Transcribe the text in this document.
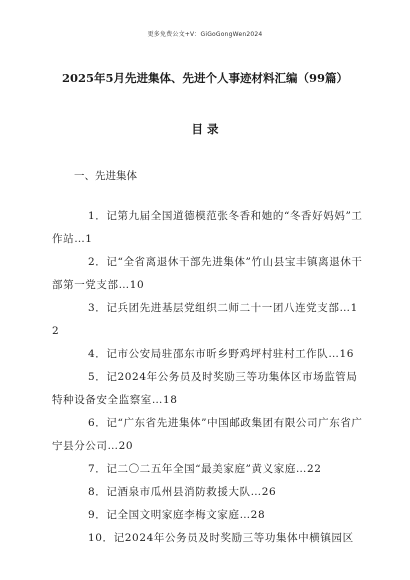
更多免费公文+V：GiGoGongWen2024
2025年5月先进集体、先进个人事迹材料汇编（99篇）
目 录
一、先进集体
1．记第九届全国道德模范张冬香和她的“冬香好妈妈”工作站…1
2．记“全省离退休干部先进集体”竹山县宝丰镇离退休干部第一党支部…10
3．记兵团先进基层党组织二师二十一团八连党支部…12
4．记市公安局驻邵东市昕乡野鸡坪村驻村工作队…16
5．记2024年公务员及时奖励三等功集体区市场监管局特种设备安全监察室…18
6．记“广东省先进集体”中国邮政集团有限公司广东省广宁县分公司…20
7．记二〇二五年全国“最美家庭”黄义家庭…22
8．记酒泉市瓜州县消防救援大队…26
9．记全国文明家庭李梅文家庭…28
10．记2024年公务员及时奖励三等功集体中横镇园区
